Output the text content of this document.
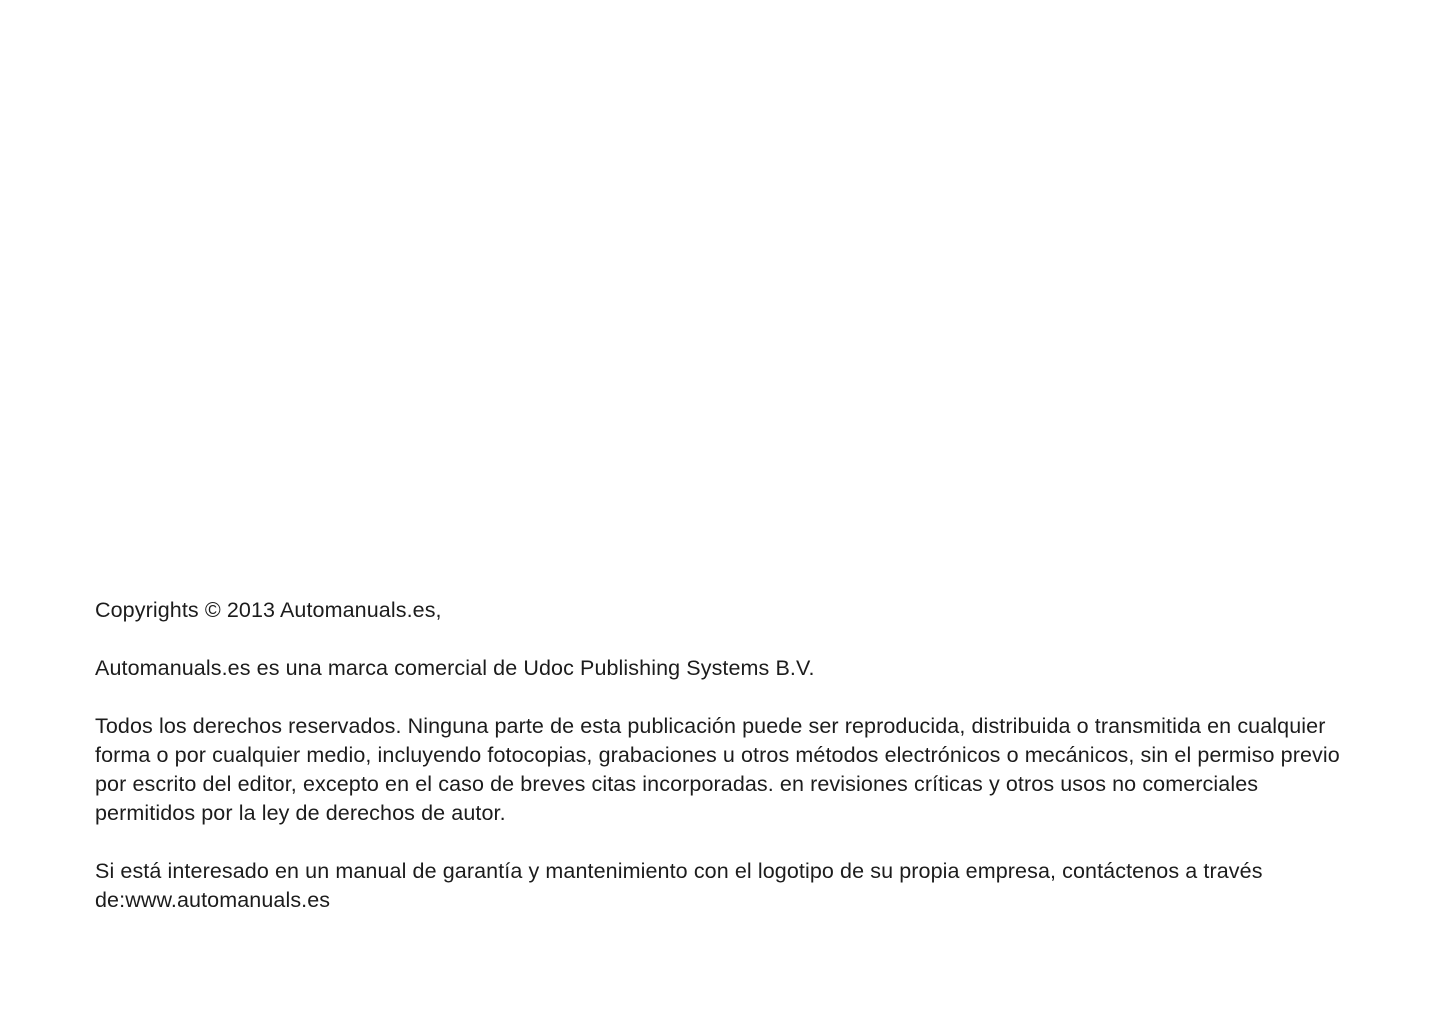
Copyrights © 2013 Automanuals.es,

Automanuals.es es una marca comercial de Udoc Publishing Systems B.V.

Todos los derechos reservados. Ninguna parte de esta publicación puede ser reproducida, distribuida o transmitida en cualquier forma o por cualquier medio, incluyendo fotocopias, grabaciones u otros métodos electrónicos o mecánicos, sin el permiso previo por escrito del editor, excepto en el caso de breves citas incorporadas. en revisiones críticas y otros usos no comerciales permitidos por la ley de derechos de autor.

Si está interesado en un manual de garantía y mantenimiento con el logotipo de su propia empresa, contáctenos a través de:www.automanuals.es
